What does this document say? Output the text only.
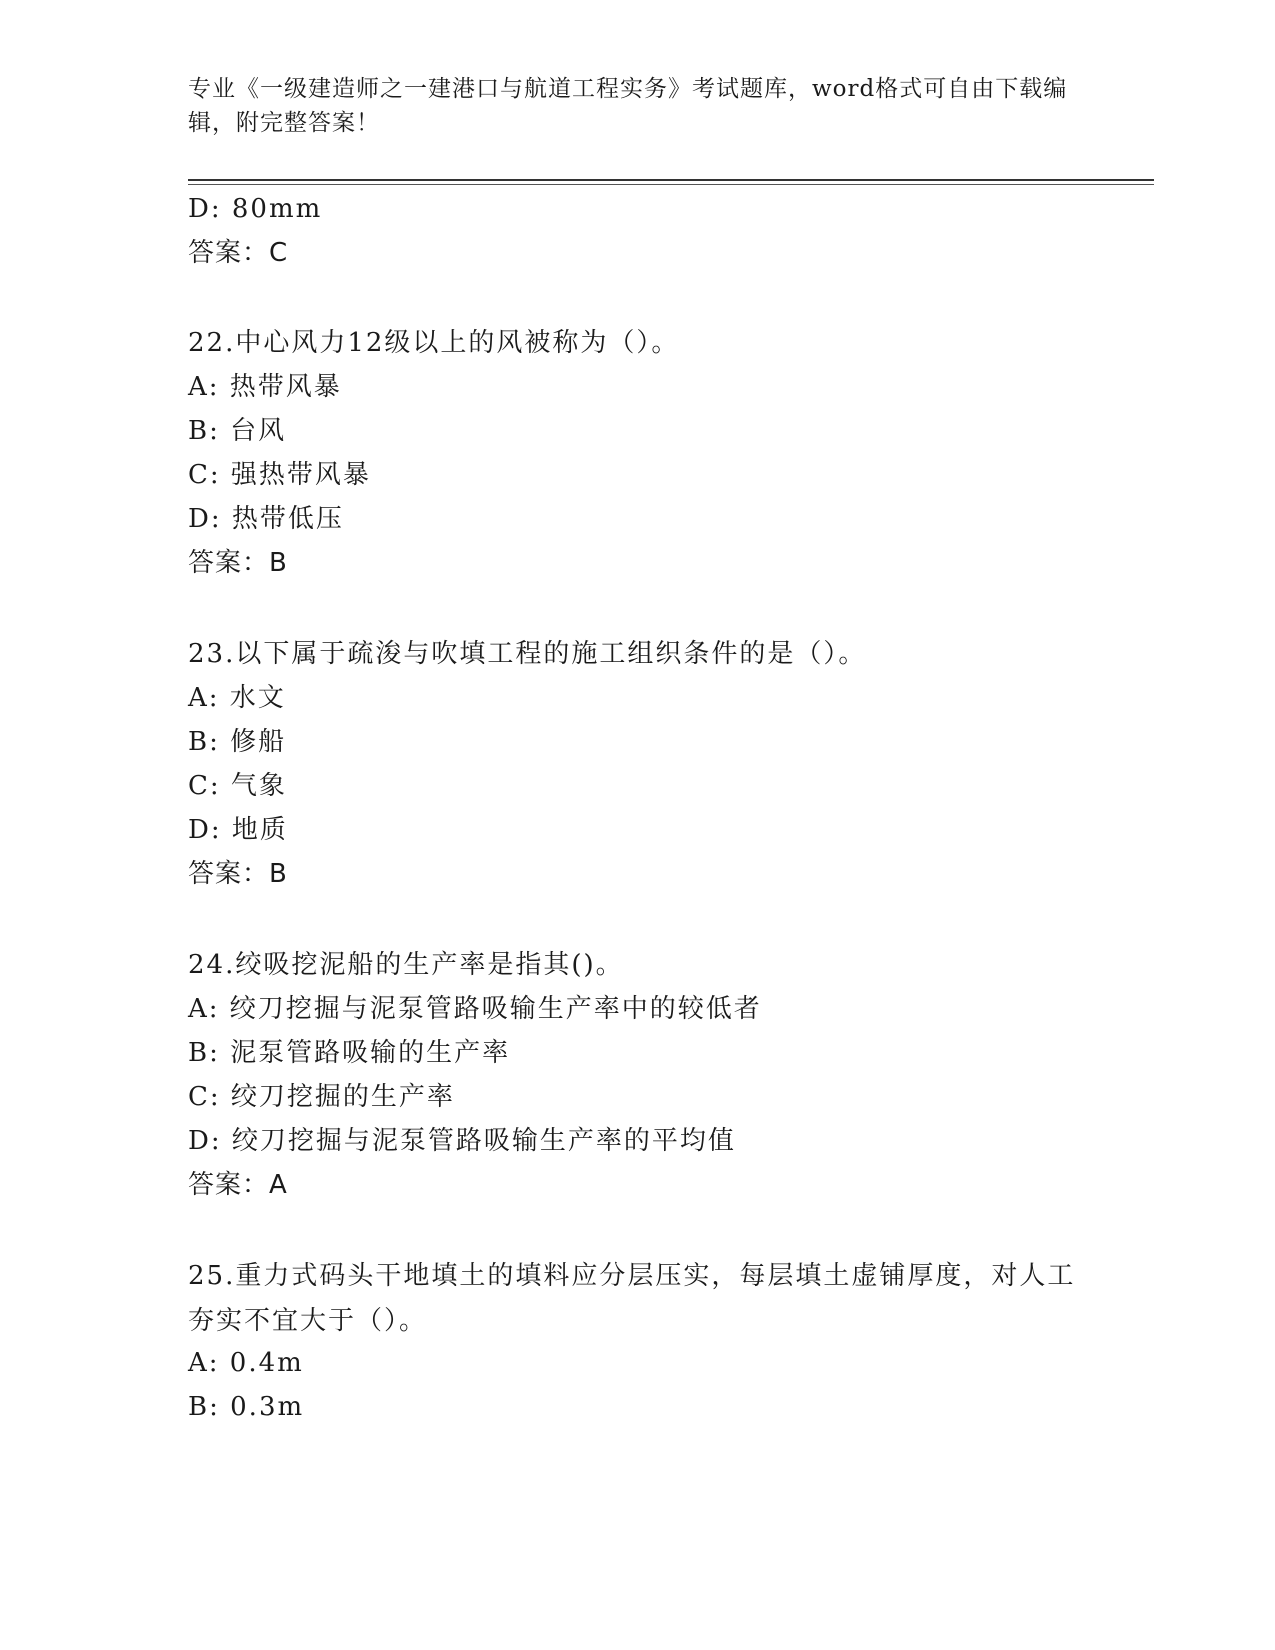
专业《一级建造师之一建港口与航道工程实务》考试题库，word格式可自由下载编辑，附完整答案！
D: 80mm
答案：C
22.中心风力12级以上的风被称为（）。
A: 热带风暴
B: 台风
C: 强热带风暴
D: 热带低压
答案：B
23.以下属于疏浚与吹填工程的施工组织条件的是（）。
A: 水文
B: 修船
C: 气象
D: 地质
答案：B
24.绞吸挖泥船的生产率是指其()。
A: 绞刀挖掘与泥泵管路吸输生产率中的较低者
B: 泥泵管路吸输的生产率
C: 绞刀挖掘的生产率
D: 绞刀挖掘与泥泵管路吸输生产率的平均值
答案：A
25.重力式码头干地填土的填料应分层压实，每层填土虚铺厚度，对人工夯实不宜大于（）。
A: 0.4m
B: 0.3m
